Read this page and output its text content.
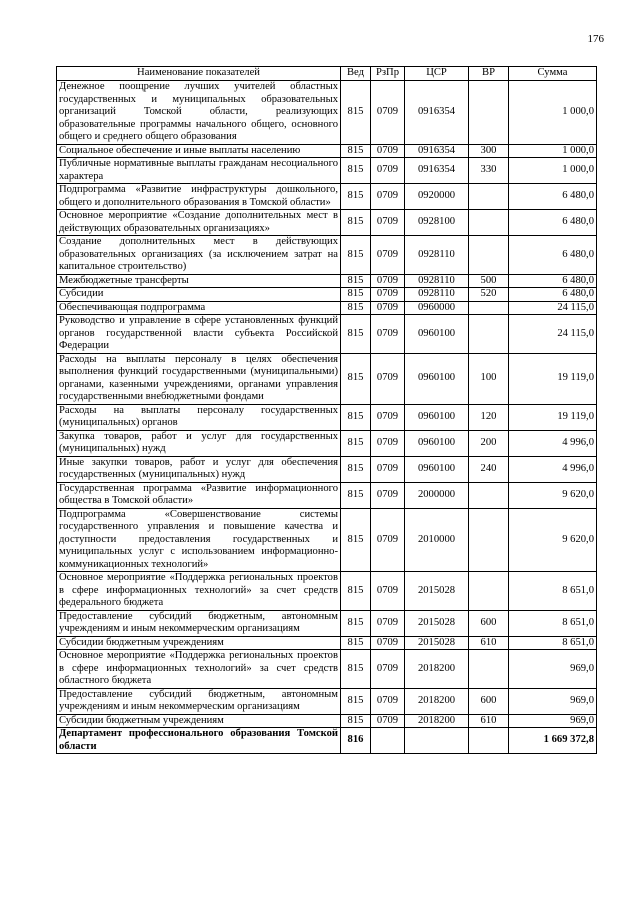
176
Наименование показателей	Вед	РзПр	ЦСР	ВР	Сумма
Денежное поощрение лучших учителей областных государственных и муниципальных образовательных организаций Томской области, реализующих образовательные программы начального общего, основного общего и среднего общего образования	815	0709	0916354		1 000,0
Социальное обеспечение и иные выплаты населению	815	0709	0916354	300	1 000,0
Публичные нормативные выплаты гражданам несоциального характера	815	0709	0916354	330	1 000,0
Подпрограмма «Развитие инфраструктуры дошкольного, общего и дополнительного образования в Томской области»	815	0709	0920000		6 480,0
Основное мероприятие «Создание дополнительных мест в действующих образовательных организациях»	815	0709	0928100		6 480,0
Создание дополнительных мест в действующих образовательных организациях (за исключением затрат на капитальное строительство)	815	0709	0928110		6 480,0
Межбюджетные трансферты	815	0709	0928110	500	6 480,0
Субсидии	815	0709	0928110	520	6 480,0
Обеспечивающая подпрограмма	815	0709	0960000		24 115,0
Руководство и управление в сфере установленных функций органов государственной власти субъекта Российской Федерации	815	0709	0960100		24 115,0
Расходы на выплаты персоналу в целях обеспечения выполнения функций государственными (муниципальными) органами, казенными учреждениями, органами управления государственными внебюджетными фондами	815	0709	0960100	100	19 119,0
Расходы на выплаты персоналу государственных (муниципальных) органов	815	0709	0960100	120	19 119,0
Закупка товаров, работ и услуг для государственных (муниципальных) нужд	815	0709	0960100	200	4 996,0
Иные закупки товаров, работ и услуг для обеспечения государственных (муниципальных) нужд	815	0709	0960100	240	4 996,0
Государственная программа «Развитие информационного общества в Томской области»	815	0709	2000000		9 620,0
Подпрограмма «Совершенствование системы государственного управления и повышение качества и доступности предоставления государственных и муниципальных услуг с использованием информационно-коммуникационных технологий»	815	0709	2010000		9 620,0
Основное мероприятие «Поддержка региональных проектов в сфере информационных технологий» за счет средств федерального бюджета	815	0709	2015028		8 651,0
Предоставление субсидий бюджетным, автономным учреждениям и иным некоммерческим организациям	815	0709	2015028	600	8 651,0
Субсидии бюджетным учреждениям	815	0709	2015028	610	8 651,0
Основное мероприятие «Поддержка региональных проектов в сфере информационных технологий» за счет средств областного бюджета	815	0709	2018200		969,0
Предоставление субсидий бюджетным, автономным учреждениям и иным некоммерческим организациям	815	0709	2018200	600	969,0
Субсидии бюджетным учреждениям	815	0709	2018200	610	969,0
Департамент профессионального образования Томской области	816				1 669 372,8
